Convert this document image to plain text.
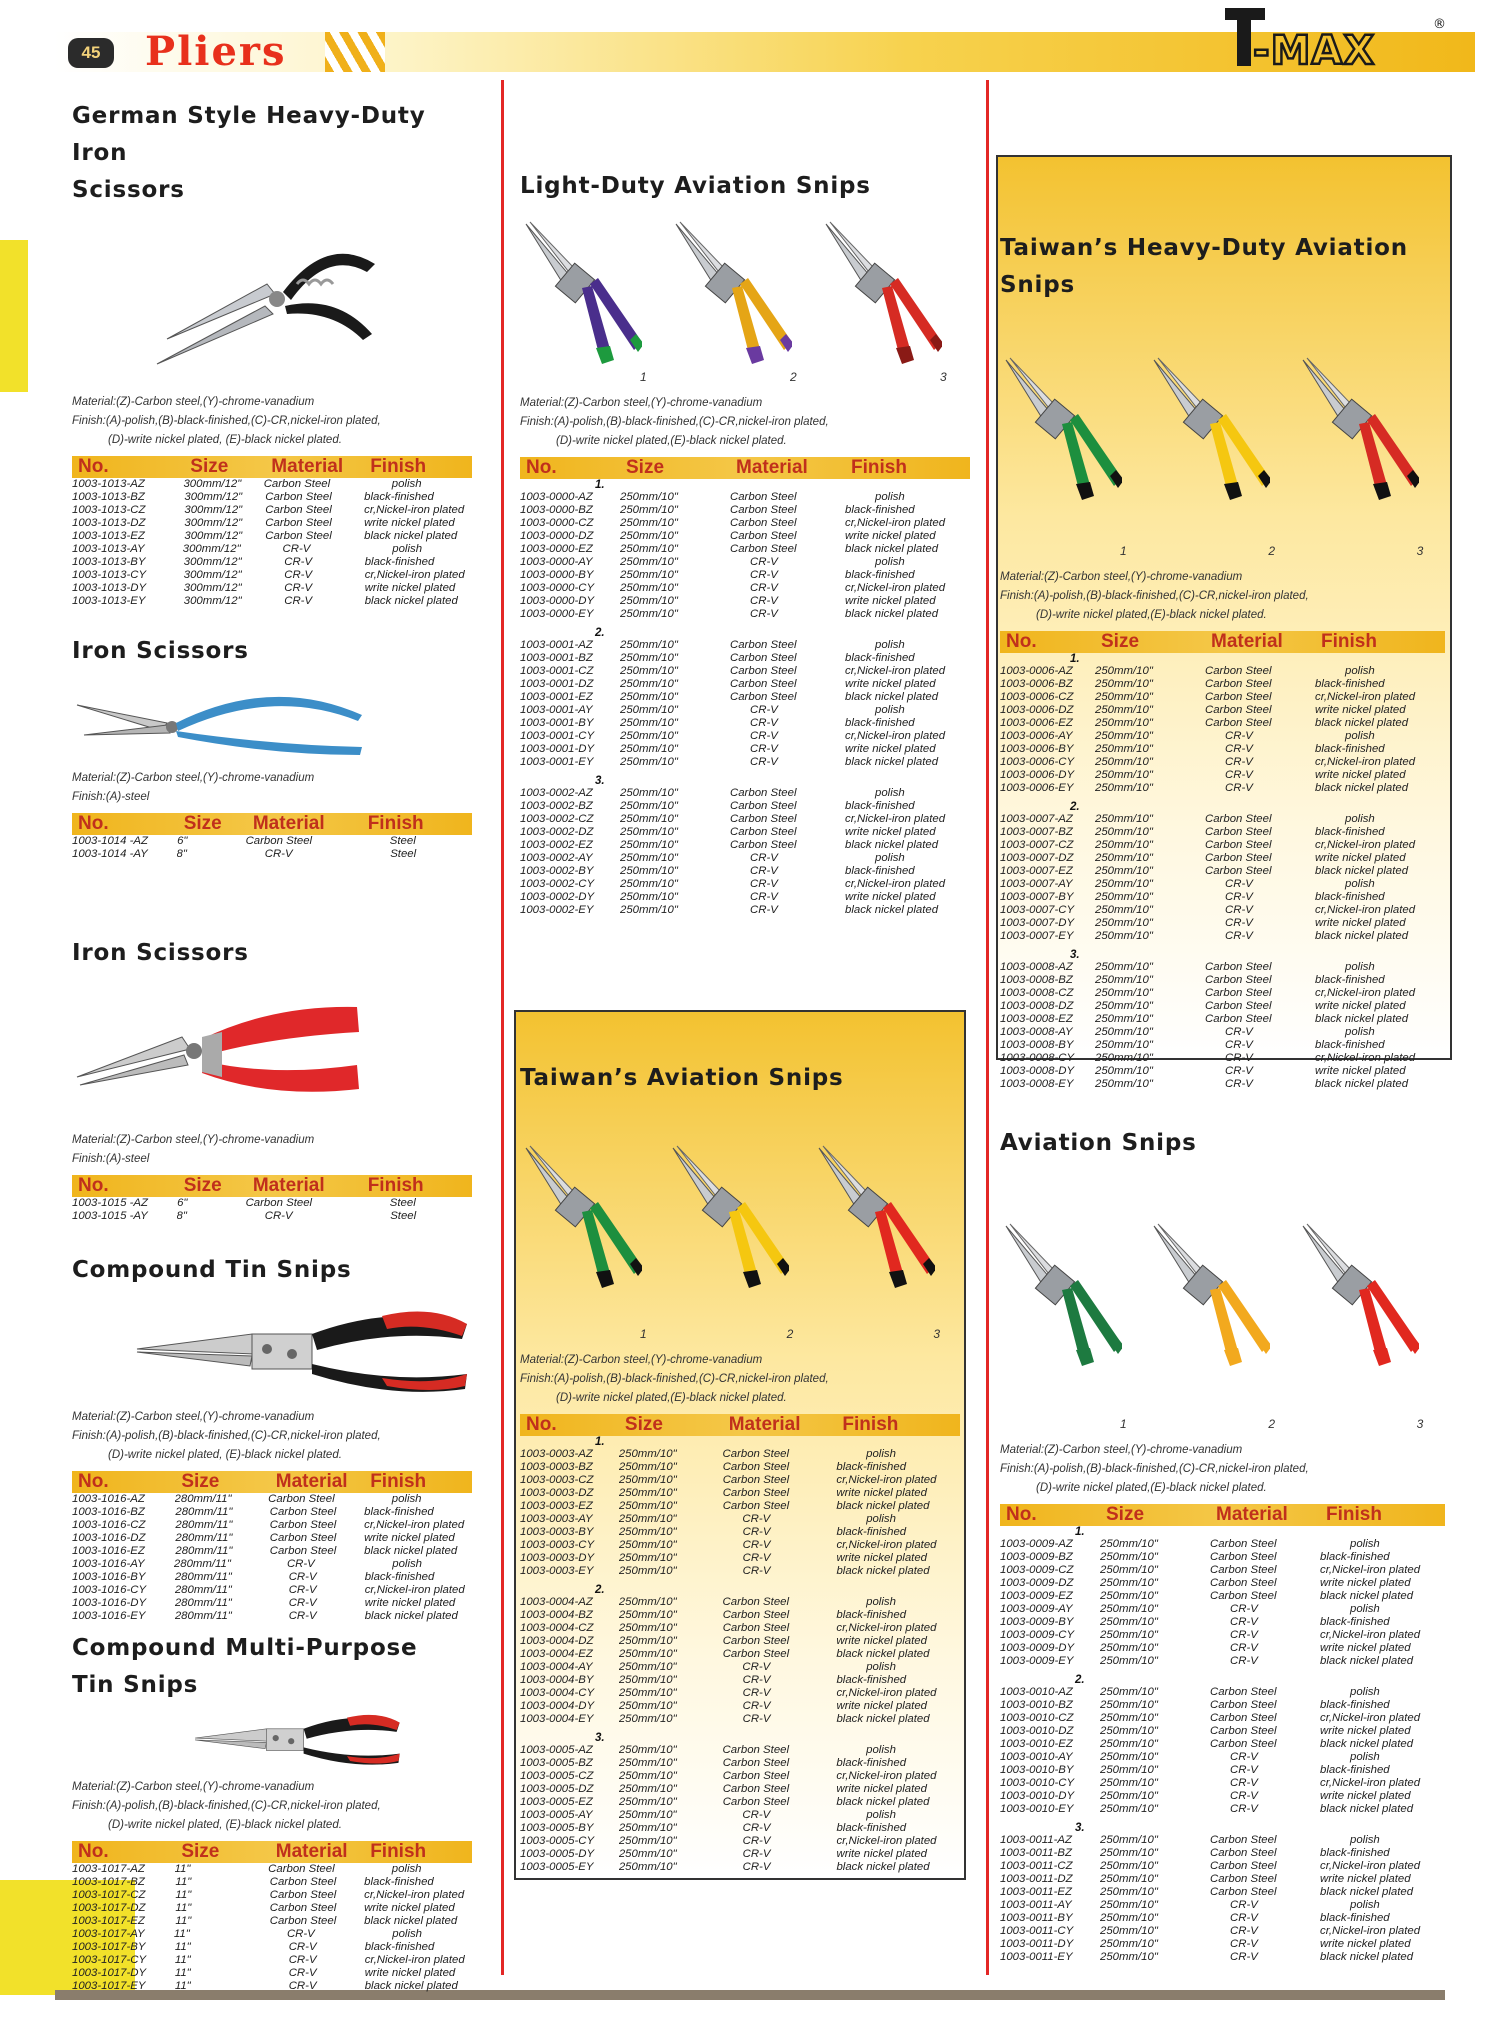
45	Pliers	-MAX
®
German Style Heavy-Duty Iron
Scissors
Material:(Z)-Carbon steel,(Y)-chrome-vanadium
Finish:(A)-polish,(B)-black-finished,(C)-CR,nickel-iron plated,
(D)-write nickel plated, (E)-black nickel plated.
No.	Size	Material	Finish
1003-1013-AZ	300mm/12"	Carbon Steel	polish
1003-1013-BZ	300mm/12"	Carbon Steel	black-finished
1003-1013-CZ	300mm/12"	Carbon Steel	cr,Nickel-iron plated
1003-1013-DZ	300mm/12"	Carbon Steel	write nickel plated
1003-1013-EZ	300mm/12"	Carbon Steel	black nickel plated
1003-1013-AY	300mm/12"	CR-V	polish
1003-1013-BY	300mm/12"	CR-V	black-finished
1003-1013-CY	300mm/12"	CR-V	cr,Nickel-iron plated
1003-1013-DY	300mm/12"	CR-V	write nickel plated
1003-1013-EY	300mm/12"	CR-V	black nickel plated
Iron Scissors
Material:(Z)-Carbon steel,(Y)-chrome-vanadium
Finish:(A)-steel
No.	Size	Material	Finish
1003-1014 -AZ	6"	Carbon Steel	Steel
1003-1014 -AY	8"	CR-V	Steel
Iron Scissors
Material:(Z)-Carbon steel,(Y)-chrome-vanadium
Finish:(A)-steel
No.	Size	Material	Finish
1003-1015 -AZ	6"	Carbon Steel	Steel
1003-1015 -AY	8"	CR-V	Steel
Compound Tin Snips
Material:(Z)-Carbon steel,(Y)-chrome-vanadium
Finish:(A)-polish,(B)-black-finished,(C)-CR,nickel-iron plated,
(D)-write nickel plated, (E)-black nickel plated.
No.	Size	Material	Finish
1003-1016-AZ	280mm/11"	Carbon Steel	polish
1003-1016-BZ	280mm/11"	Carbon Steel	black-finished
1003-1016-CZ	280mm/11"	Carbon Steel	cr,Nickel-iron plated
1003-1016-DZ	280mm/11"	Carbon Steel	write nickel plated
1003-1016-EZ	280mm/11"	Carbon Steel	black nickel plated
1003-1016-AY	280mm/11"	CR-V	polish
1003-1016-BY	280mm/11"	CR-V	black-finished
1003-1016-CY	280mm/11"	CR-V	cr,Nickel-iron plated
1003-1016-DY	280mm/11"	CR-V	write nickel plated
1003-1016-EY	280mm/11"	CR-V	black nickel plated
Compound Multi-Purpose
Tin Snips
Material:(Z)-Carbon steel,(Y)-chrome-vanadium
Finish:(A)-polish,(B)-black-finished,(C)-CR,nickel-iron plated,
(D)-write nickel plated, (E)-black nickel plated.
No.	Size	Material	Finish
1003-1017-AZ	11"	Carbon Steel	polish
1003-1017-BZ	11"	Carbon Steel	black-finished
1003-1017-CZ	11"	Carbon Steel	cr,Nickel-iron plated
1003-1017-DZ	11"	Carbon Steel	write nickel plated
1003-1017-EZ	11"	Carbon Steel	black nickel plated
1003-1017-AY	11"	CR-V	polish
1003-1017-BY	11"	CR-V	black-finished
1003-1017-CY	11"	CR-V	cr,Nickel-iron plated
1003-1017-DY	11"	CR-V	write nickel plated
1003-1017-EY	11"	CR-V	black nickel plated
Light-Duty Aviation Snips
1	2	3
Material:(Z)-Carbon steel,(Y)-chrome-vanadium
Finish:(A)-polish,(B)-black-finished,(C)-CR,nickel-iron plated,
(D)-write nickel plated,(E)-black nickel plated.
No.	Size	Material	Finish
1.
1003-0000-AZ	250mm/10"	Carbon Steel	polish
1003-0000-BZ	250mm/10"	Carbon Steel	black-finished
1003-0000-CZ	250mm/10"	Carbon Steel	cr,Nickel-iron plated
1003-0000-DZ	250mm/10"	Carbon Steel	write nickel plated
1003-0000-EZ	250mm/10"	Carbon Steel	black nickel plated
1003-0000-AY	250mm/10"	CR-V	polish
1003-0000-BY	250mm/10"	CR-V	black-finished
1003-0000-CY	250mm/10"	CR-V	cr,Nickel-iron plated
1003-0000-DY	250mm/10"	CR-V	write nickel plated
1003-0000-EY	250mm/10"	CR-V	black nickel plated
2.
1003-0001-AZ	250mm/10"	Carbon Steel	polish
1003-0001-BZ	250mm/10"	Carbon Steel	black-finished
1003-0001-CZ	250mm/10"	Carbon Steel	cr,Nickel-iron plated
1003-0001-DZ	250mm/10"	Carbon Steel	write nickel plated
1003-0001-EZ	250mm/10"	Carbon Steel	black nickel plated
1003-0001-AY	250mm/10"	CR-V	polish
1003-0001-BY	250mm/10"	CR-V	black-finished
1003-0001-CY	250mm/10"	CR-V	cr,Nickel-iron plated
1003-0001-DY	250mm/10"	CR-V	write nickel plated
1003-0001-EY	250mm/10"	CR-V	black nickel plated
3.
1003-0002-AZ	250mm/10"	Carbon Steel	polish
1003-0002-BZ	250mm/10"	Carbon Steel	black-finished
1003-0002-CZ	250mm/10"	Carbon Steel	cr,Nickel-iron plated
1003-0002-DZ	250mm/10"	Carbon Steel	write nickel plated
1003-0002-EZ	250mm/10"	Carbon Steel	black nickel plated
1003-0002-AY	250mm/10"	CR-V	polish
1003-0002-BY	250mm/10"	CR-V	black-finished
1003-0002-CY	250mm/10"	CR-V	cr,Nickel-iron plated
1003-0002-DY	250mm/10"	CR-V	write nickel plated
1003-0002-EY	250mm/10"	CR-V	black nickel plated
Taiwan’s Aviation Snips
1	2	3
Material:(Z)-Carbon steel,(Y)-chrome-vanadium
Finish:(A)-polish,(B)-black-finished,(C)-CR,nickel-iron plated,
(D)-write nickel plated,(E)-black nickel plated.
No.	Size	Material	Finish
1.
1003-0003-AZ	250mm/10"	Carbon Steel	polish
1003-0003-BZ	250mm/10"	Carbon Steel	black-finished
1003-0003-CZ	250mm/10"	Carbon Steel	cr,Nickel-iron plated
1003-0003-DZ	250mm/10"	Carbon Steel	write nickel plated
1003-0003-EZ	250mm/10"	Carbon Steel	black nickel plated
1003-0003-AY	250mm/10"	CR-V	polish
1003-0003-BY	250mm/10"	CR-V	black-finished
1003-0003-CY	250mm/10"	CR-V	cr,Nickel-iron plated
1003-0003-DY	250mm/10"	CR-V	write nickel plated
1003-0003-EY	250mm/10"	CR-V	black nickel plated
2.
1003-0004-AZ	250mm/10"	Carbon Steel	polish
1003-0004-BZ	250mm/10"	Carbon Steel	black-finished
1003-0004-CZ	250mm/10"	Carbon Steel	cr,Nickel-iron plated
1003-0004-DZ	250mm/10"	Carbon Steel	write nickel plated
1003-0004-EZ	250mm/10"	Carbon Steel	black nickel plated
1003-0004-AY	250mm/10"	CR-V	polish
1003-0004-BY	250mm/10"	CR-V	black-finished
1003-0004-CY	250mm/10"	CR-V	cr,Nickel-iron plated
1003-0004-DY	250mm/10"	CR-V	write nickel plated
1003-0004-EY	250mm/10"	CR-V	black nickel plated
3.
1003-0005-AZ	250mm/10"	Carbon Steel	polish
1003-0005-BZ	250mm/10"	Carbon Steel	black-finished
1003-0005-CZ	250mm/10"	Carbon Steel	cr,Nickel-iron plated
1003-0005-DZ	250mm/10"	Carbon Steel	write nickel plated
1003-0005-EZ	250mm/10"	Carbon Steel	black nickel plated
1003-0005-AY	250mm/10"	CR-V	polish
1003-0005-BY	250mm/10"	CR-V	black-finished
1003-0005-CY	250mm/10"	CR-V	cr,Nickel-iron plated
1003-0005-DY	250mm/10"	CR-V	write nickel plated
1003-0005-EY	250mm/10"	CR-V	black nickel plated
Taiwan’s Heavy-Duty Aviation
Snips
1	2	3
Material:(Z)-Carbon steel,(Y)-chrome-vanadium
Finish:(A)-polish,(B)-black-finished,(C)-CR,nickel-iron plated,
(D)-write nickel plated,(E)-black nickel plated.
No.	Size	Material	Finish
1.
1003-0006-AZ	250mm/10"	Carbon Steel	polish
1003-0006-BZ	250mm/10"	Carbon Steel	black-finished
1003-0006-CZ	250mm/10"	Carbon Steel	cr,Nickel-iron plated
1003-0006-DZ	250mm/10"	Carbon Steel	write nickel plated
1003-0006-EZ	250mm/10"	Carbon Steel	black nickel plated
1003-0006-AY	250mm/10"	CR-V	polish
1003-0006-BY	250mm/10"	CR-V	black-finished
1003-0006-CY	250mm/10"	CR-V	cr,Nickel-iron plated
1003-0006-DY	250mm/10"	CR-V	write nickel plated
1003-0006-EY	250mm/10"	CR-V	black nickel plated
2.
1003-0007-AZ	250mm/10"	Carbon Steel	polish
1003-0007-BZ	250mm/10"	Carbon Steel	black-finished
1003-0007-CZ	250mm/10"	Carbon Steel	cr,Nickel-iron plated
1003-0007-DZ	250mm/10"	Carbon Steel	write nickel plated
1003-0007-EZ	250mm/10"	Carbon Steel	black nickel plated
1003-0007-AY	250mm/10"	CR-V	polish
1003-0007-BY	250mm/10"	CR-V	black-finished
1003-0007-CY	250mm/10"	CR-V	cr,Nickel-iron plated
1003-0007-DY	250mm/10"	CR-V	write nickel plated
1003-0007-EY	250mm/10"	CR-V	black nickel plated
3.
1003-0008-AZ	250mm/10"	Carbon Steel	polish
1003-0008-BZ	250mm/10"	Carbon Steel	black-finished
1003-0008-CZ	250mm/10"	Carbon Steel	cr,Nickel-iron plated
1003-0008-DZ	250mm/10"	Carbon Steel	write nickel plated
1003-0008-EZ	250mm/10"	Carbon Steel	black nickel plated
1003-0008-AY	250mm/10"	CR-V	polish
1003-0008-BY	250mm/10"	CR-V	black-finished
1003-0008-CY	250mm/10"	CR-V	cr,Nickel-iron plated
1003-0008-DY	250mm/10"	CR-V	write nickel plated
1003-0008-EY	250mm/10"	CR-V	black nickel plated
Aviation Snips
1	2	3
Material:(Z)-Carbon steel,(Y)-chrome-vanadium
Finish:(A)-polish,(B)-black-finished,(C)-CR,nickel-iron plated,
(D)-write nickel plated,(E)-black nickel plated.
No.	Size	Material	Finish
1.
1003-0009-AZ	250mm/10"	Carbon Steel	polish
1003-0009-BZ	250mm/10"	Carbon Steel	black-finished
1003-0009-CZ	250mm/10"	Carbon Steel	cr,Nickel-iron plated
1003-0009-DZ	250mm/10"	Carbon Steel	write nickel plated
1003-0009-EZ	250mm/10"	Carbon Steel	black nickel plated
1003-0009-AY	250mm/10"	CR-V	polish
1003-0009-BY	250mm/10"	CR-V	black-finished
1003-0009-CY	250mm/10"	CR-V	cr,Nickel-iron plated
1003-0009-DY	250mm/10"	CR-V	write nickel plated
1003-0009-EY	250mm/10"	CR-V	black nickel plated
2.
1003-0010-AZ	250mm/10"	Carbon Steel	polish
1003-0010-BZ	250mm/10"	Carbon Steel	black-finished
1003-0010-CZ	250mm/10"	Carbon Steel	cr,Nickel-iron plated
1003-0010-DZ	250mm/10"	Carbon Steel	write nickel plated
1003-0010-EZ	250mm/10"	Carbon Steel	black nickel plated
1003-0010-AY	250mm/10"	CR-V	polish
1003-0010-BY	250mm/10"	CR-V	black-finished
1003-0010-CY	250mm/10"	CR-V	cr,Nickel-iron plated
1003-0010-DY	250mm/10"	CR-V	write nickel plated
1003-0010-EY	250mm/10"	CR-V	black nickel plated
3.
1003-0011-AZ	250mm/10"	Carbon Steel	polish
1003-0011-BZ	250mm/10"	Carbon Steel	black-finished
1003-0011-CZ	250mm/10"	Carbon Steel	cr,Nickel-iron plated
1003-0011-DZ	250mm/10"	Carbon Steel	write nickel plated
1003-0011-EZ	250mm/10"	Carbon Steel	black nickel plated
1003-0011-AY	250mm/10"	CR-V	polish
1003-0011-BY	250mm/10"	CR-V	black-finished
1003-0011-CY	250mm/10"	CR-V	cr,Nickel-iron plated
1003-0011-DY	250mm/10"	CR-V	write nickel plated
1003-0011-EY	250mm/10"	CR-V	black nickel plated
